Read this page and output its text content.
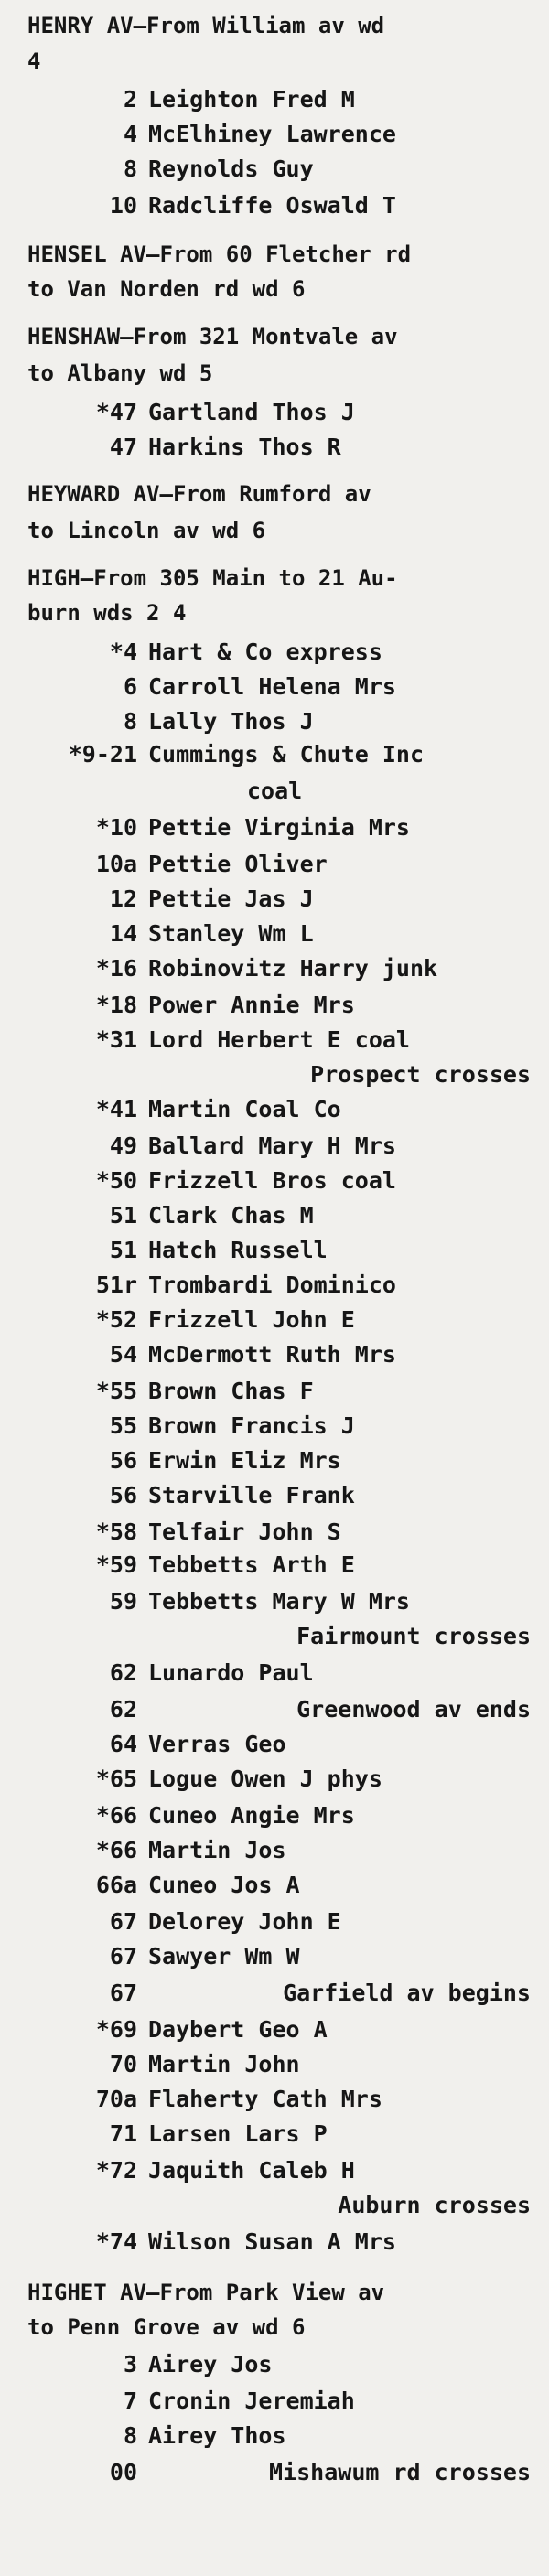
HENRY AV—From William av wd
4
2 Leighton Fred M
4 McElhiney Lawrence
8 Reynolds Guy
10 Radcliffe Oswald T
HENSEL AV—From 60 Fletcher rd
to Van Norden rd wd 6
HENSHAW—From 321 Montvale av
to Albany wd 5
*47 Gartland Thos J
47 Harkins Thos R
HEYWARD AV—From Rumford av
to Lincoln av wd 6
HIGH—From 305 Main to 21 Au-
burn wds 2 4
*4 Hart & Co express
6 Carroll Helena Mrs
8 Lally Thos J
*9-21 Cummings & Chute Inc
coal
*10 Pettie Virginia Mrs
10a Pettie Oliver
12 Pettie Jas J
14 Stanley Wm L
*16 Robinovitz Harry junk
*18 Power Annie Mrs
*31 Lord Herbert E coal
Prospect crosses
*41 Martin Coal Co
49 Ballard Mary H Mrs
*50 Frizzell Bros coal
51 Clark Chas M
51 Hatch Russell
51r Trombardi Dominico
*52 Frizzell John E
54 McDermott Ruth Mrs
*55 Brown Chas F
55 Brown Francis J
56 Erwin Eliz Mrs
56 Starville Frank
*58 Telfair John S
*59 Tebbetts Arth E
59 Tebbetts Mary W Mrs
Fairmount crosses
62 Lunardo Paul
62	Greenwood av ends
64 Verras Geo
*65 Logue Owen J phys
*66 Cuneo Angie Mrs
*66 Martin Jos
66a Cuneo Jos A
67 Delorey John E
67 Sawyer Wm W
67	Garfield av begins
*69 Daybert Geo A
70 Martin John
70a Flaherty Cath Mrs
71 Larsen Lars P
*72 Jaquith Caleb H
Auburn crosses
*74 Wilson Susan A Mrs
HIGHET AV—From Park View av
to Penn Grove av wd 6
3 Airey Jos
7 Cronin Jeremiah
8 Airey Thos
00	Mishawum rd crosses
